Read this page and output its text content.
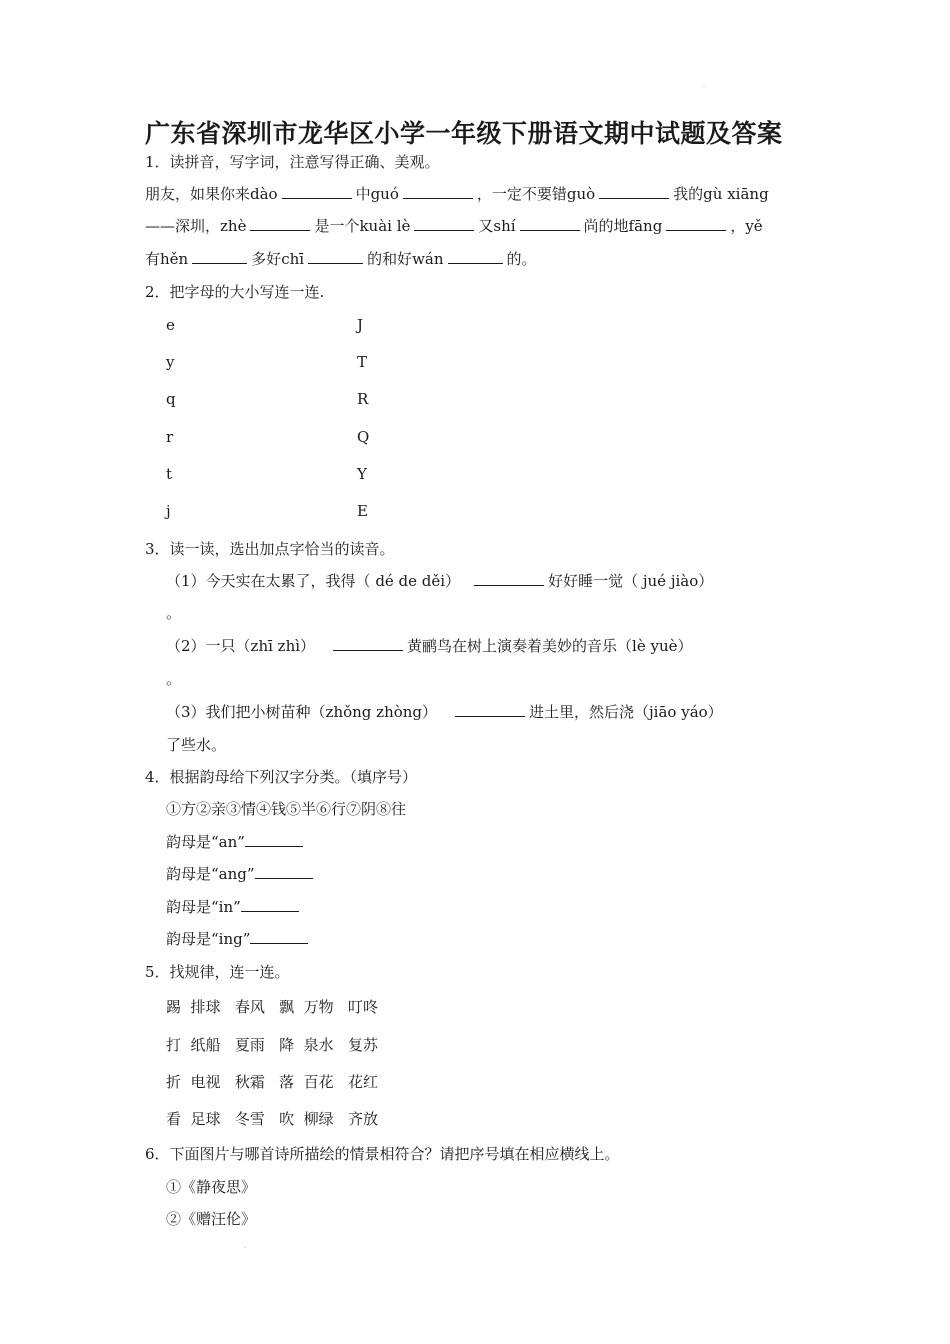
·
广东省深圳市龙华区小学一年级下册语文期中试题及答案
1．读拼音，写字词，注意写得正确、美观。
朋友，如果你来dào	中guó	，一定不要错guò	我的gù xiāng
——深圳，zhè	是一个kuài lè	又shí	尚的地fāng	，yě
有hěn	多好chī	的和好wán	的。
2．把字母的大小写连一连.
e	J
y	T
q	R
r	Q
t	Y
j	E
3．读一读，选出加点字恰当的读音。
（1）今天实在太累了，我得（ dé de děi）	好好睡一觉（ jué jiào）
。
（2）一只（zhī zhì）	黄鹂鸟在树上演奏着美妙的音乐（lè yuè）
。
（3）我们把小树苗种（zhǒng zhòng）	进土里，然后浇（jiāo yáo）
了些水。
4．根据韵母给下列汉字分类。（填序号）
①方②亲③情④钱⑤半⑥行⑦阴⑧往
韵母是“an”
韵母是“ang”
韵母是“in”
韵母是“ing”
5．找规律，连一连。
踢  排球   春风   飘  万物   叮咚
打  纸船   夏雨   降  泉水   复苏
折  电视   秋霜   落  百花   花红
看  足球   冬雪   吹  柳绿   齐放
6．下面图片与哪首诗所描绘的情景相符合？请把序号填在相应横线上。
①《静夜思》
②《赠汪伦》
·
